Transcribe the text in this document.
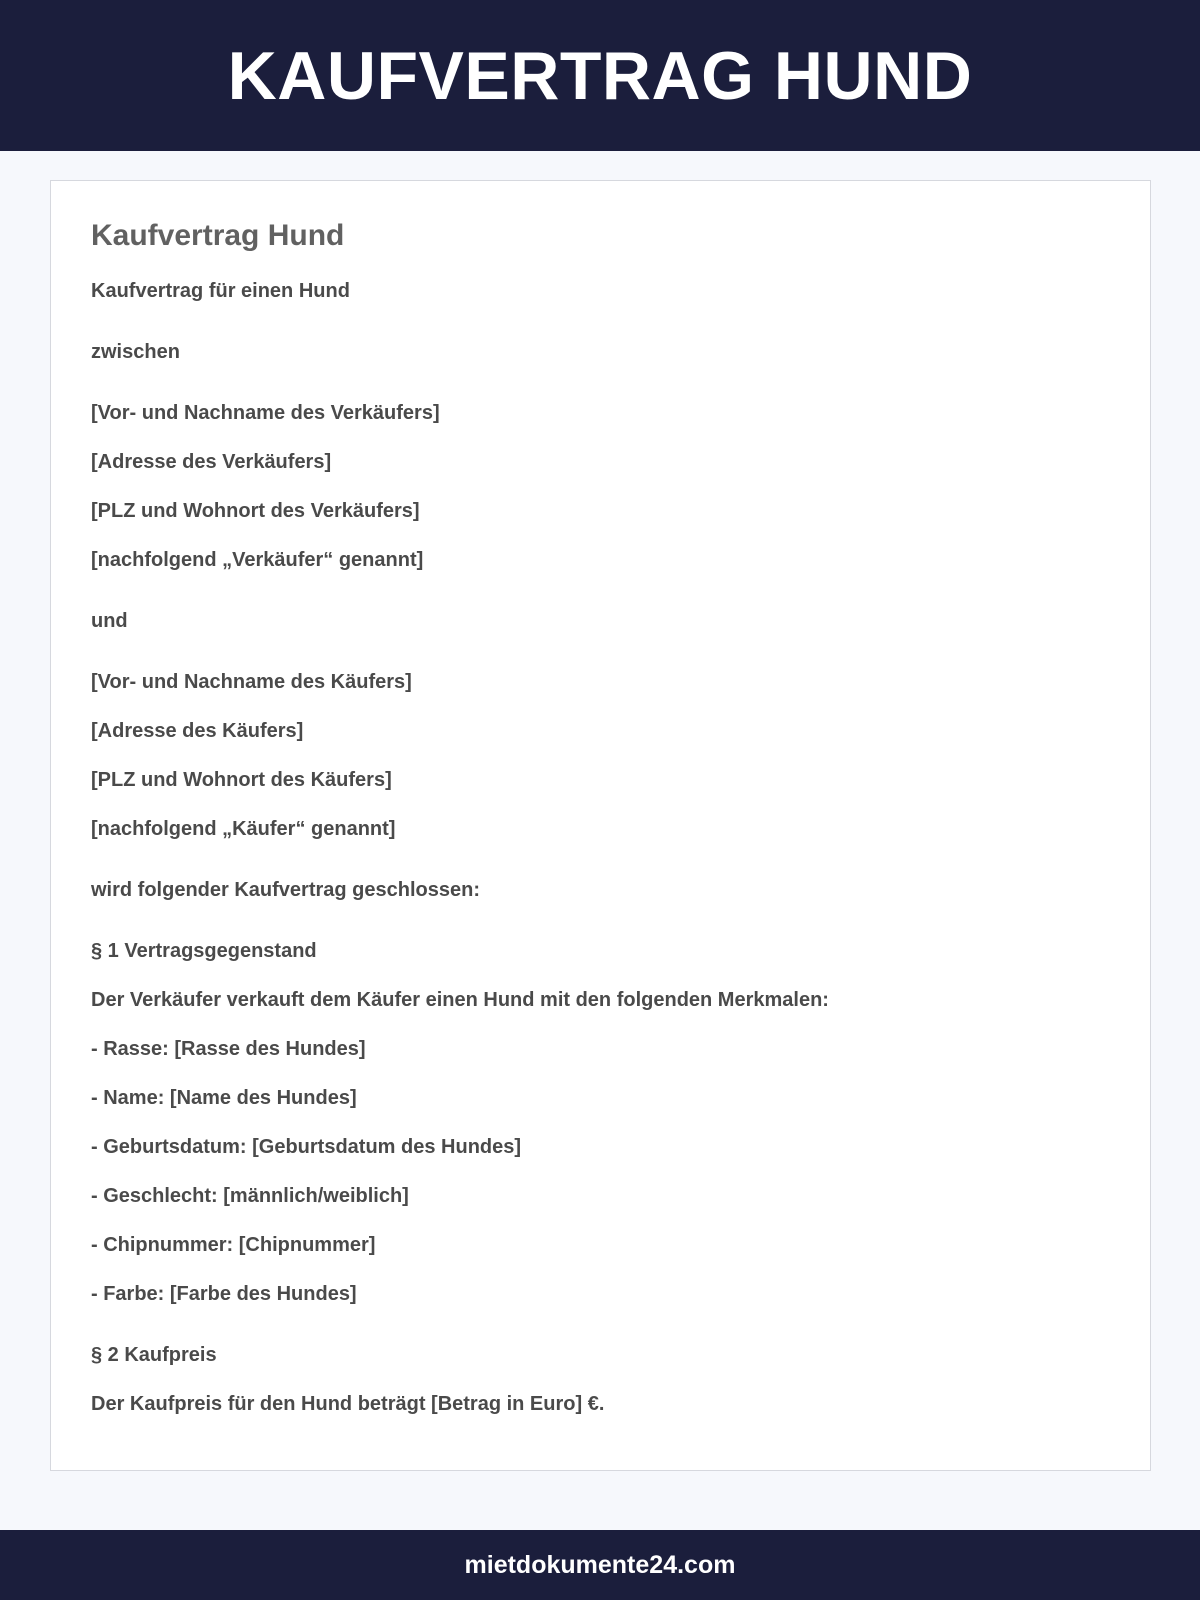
KAUFVERTRAG HUND
Kaufvertrag Hund
Kaufvertrag für einen Hund
zwischen
[Vor- und Nachname des Verkäufers]
[Adresse des Verkäufers]
[PLZ und Wohnort des Verkäufers]
[nachfolgend „Verkäufer“ genannt]
und
[Vor- und Nachname des Käufers]
[Adresse des Käufers]
[PLZ und Wohnort des Käufers]
[nachfolgend „Käufer“ genannt]
wird folgender Kaufvertrag geschlossen:
§ 1 Vertragsgegenstand
Der Verkäufer verkauft dem Käufer einen Hund mit den folgenden Merkmalen:
- Rasse: [Rasse des Hundes]
- Name: [Name des Hundes]
- Geburtsdatum: [Geburtsdatum des Hundes]
- Geschlecht: [männlich/weiblich]
- Chipnummer: [Chipnummer]
- Farbe: [Farbe des Hundes]
§ 2 Kaufpreis
Der Kaufpreis für den Hund beträgt [Betrag in Euro] €.
mietdokumente24.com
